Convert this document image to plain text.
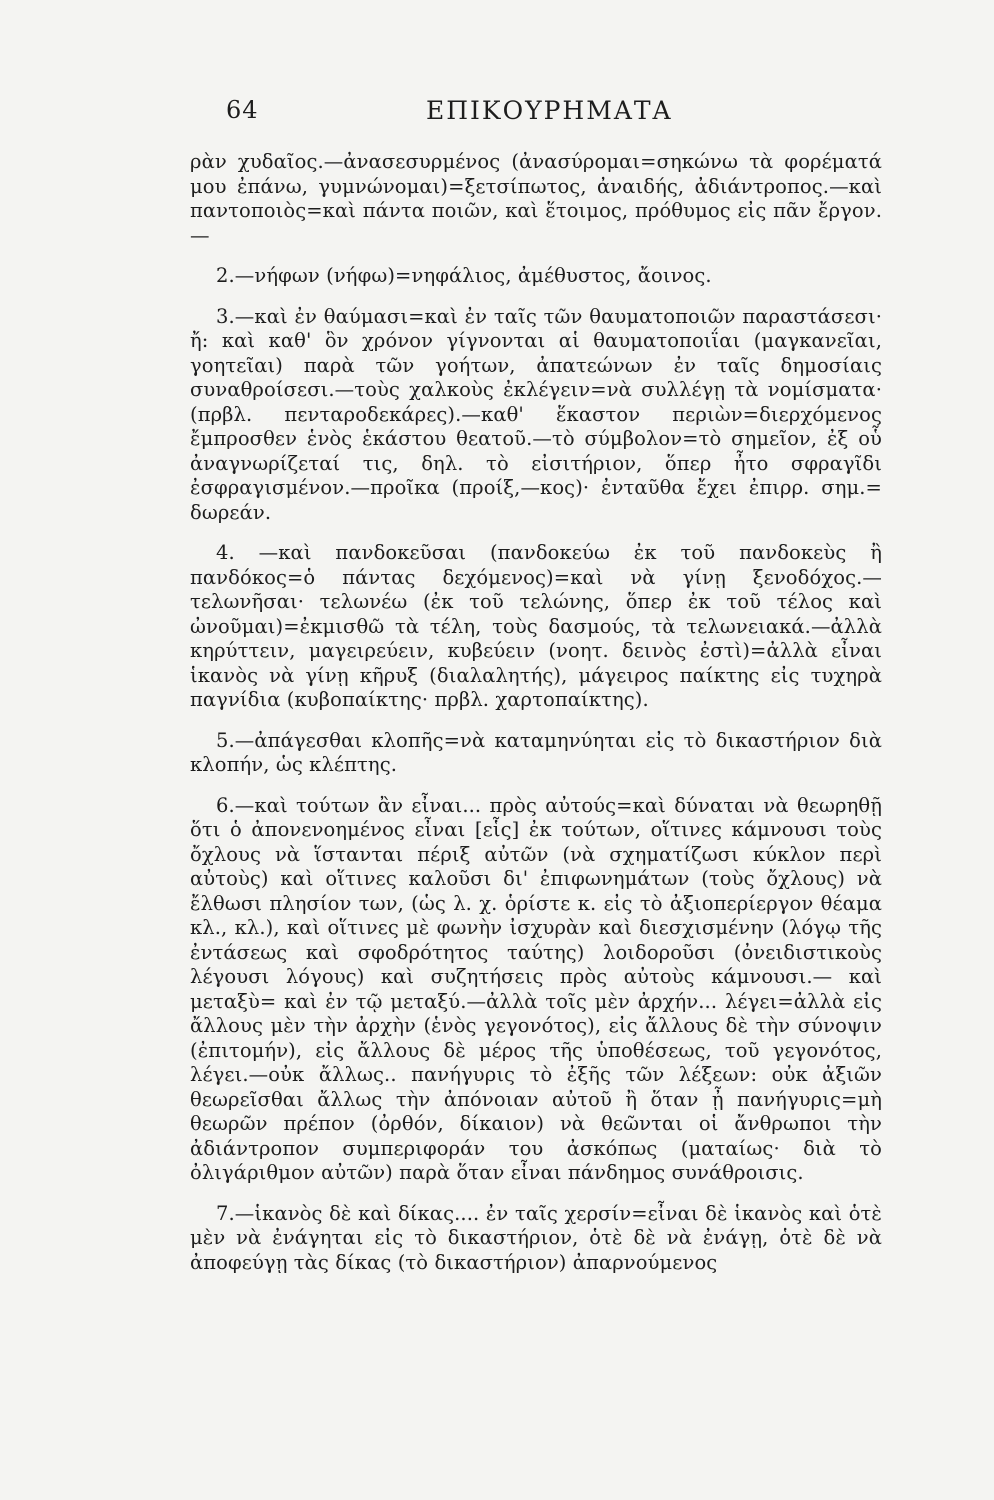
64	ΕΠΙΚΟΥΡΗΜΑΤΑ

ρὰν χυδαῖος.—ἀνασεσυρμένος (ἀνασύρομαι=σηκώνω τὰ φορέματά μου ἐπάνω, γυμνώνομαι)=ξετσίπωτος, ἀναιδής, ἀδιάντροπος.—καὶ παντοποιὸς=καὶ πάντα ποιῶν, καὶ ἕτοιμος, πρόθυμος εἰς πᾶν ἔργον.—

2.—νήφων (νήφω)=νηφάλιος, ἀμέθυστος, ἄοινος.

3.—καὶ ἐν θαύμασι=καὶ ἐν ταῖς τῶν θαυματοποιῶν παραστάσεσι· ἤ: καὶ καθ' ὃν χρόνον γίγνονται αἱ θαυματοποιΐαι (μαγκανεῖαι, γοητεῖαι) παρὰ τῶν γοήτων, ἀπατεώνων ἐν ταῖς δημοσίαις συναθροίσεσι.—τοὺς χαλκοὺς ἐκλέγειν=νὰ συλλέγῃ τὰ νομίσματα· (πρβλ. πενταροδεκάρες).—καθ' ἕκαστον περιὼν=διερχόμενος ἔμπροσθεν ἑνὸς ἑκάστου θεατοῦ.—τὸ σύμβολον=τὸ σημεῖον, ἐξ οὗ ἀναγνωρίζεταί τις, δηλ. τὸ εἰσιτήριον, ὅπερ ἦτο σφραγῖδι ἐσφραγισμένον.—προῖκα (προίξ,—κος)· ἐνταῦθα ἔχει ἐπιρρ. σημ.= δωρεάν.

4. —καὶ πανδοκεῦσαι (πανδοκεύω ἐκ τοῦ πανδοκεὺς ἢ πανδόκος=ὁ πάντας δεχόμενος)=καὶ νὰ γίνῃ ξενοδόχος.—τελωνῆσαι· τελωνέω (ἐκ τοῦ τελώνης, ὅπερ ἐκ τοῦ τέλος καὶ ὠνοῦμαι)=ἐκμισθῶ τὰ τέλη, τοὺς δασμούς, τὰ τελωνειακά.—ἀλλὰ κηρύττειν, μαγειρεύειν, κυβεύειν (νοητ. δεινὸς ἐστὶ)=ἀλλὰ εἶναι ἱκανὸς νὰ γίνῃ κῆρυξ (διαλαλητής), μάγειρος παίκτης εἰς τυχηρὰ παγνίδια (κυβοπαίκτης· πρβλ. χαρτοπαίκτης).

5.—ἀπάγεσθαι κλοπῆς=νὰ καταμηνύηται εἰς τὸ δικαστήριον διὰ κλοπήν, ὡς κλέπτης.

6.—καὶ τούτων ἂν εἶναι... πρὸς αὐτούς=καὶ δύναται νὰ θεωρηθῇ ὅτι ὁ ἀπονενοημένος εἶναι [εἷς] ἐκ τούτων, οἵτινες κάμνουσι τοὺς ὄχλους νὰ ἵστανται πέριξ αὐτῶν (νὰ σχηματίζωσι κύκλον περὶ αὐτοὺς) καὶ οἵτινες καλοῦσι δι' ἐπιφωνημάτων (τοὺς ὄχλους) νὰ ἔλθωσι πλησίον των, (ὡς λ. χ. ὁρίστε κ. εἰς τὸ ἀξιοπερίεργον θέαμα κλ., κλ.), καὶ οἵτινες μὲ φωνὴν ἰσχυρὰν καὶ διεσχισμένην (λόγῳ τῆς ἐντάσεως καὶ σφοδρότητος ταύτης) λοιδοροῦσι (ὀνειδιστικοὺς λέγουσι λόγους) καὶ συζητήσεις πρὸς αὐτοὺς κάμνουσι.— καὶ μεταξὺ= καὶ ἐν τῷ μεταξύ.—ἀλλὰ τοῖς μὲν ἀρχήν... λέγει=ἀλλὰ εἰς ἄλλους μὲν τὴν ἀρχὴν (ἑνὸς γεγονότος), εἰς ἄλλους δὲ τὴν σύνοψιν (ἐπιτομήν), εἰς ἄλλους δὲ μέρος τῆς ὑποθέσεως, τοῦ γεγονότος, λέγει.—οὐκ ἄλλως.. πανήγυρις τὸ ἐξῆς τῶν λέξεων: οὐκ ἀξιῶν θεωρεῖσθαι ἄλλως τὴν ἀπόνοιαν αὐτοῦ ἢ ὅταν ᾖ πανήγυρις=μὴ θεωρῶν πρέπον (ὀρθόν, δίκαιον) νὰ θεῶνται οἱ ἄνθρωποι τὴν ἀδιάντροπον συμπεριφοράν του ἀσκόπως (ματαίως· διὰ τὸ ὀλιγάριθμον αὐτῶν) παρὰ ὅταν εἶναι πάνδημος συνάθροισις.

7.—ἱκανὸς δὲ καὶ δίκας.... ἐν ταῖς χερσίν=εἶναι δὲ ἱκανὸς καὶ ὁτὲ μὲν νὰ ἐνάγηται εἰς τὸ δικαστήριον, ὁτὲ δὲ νὰ ἐνάγῃ, ὁτὲ δὲ νὰ ἀποφεύγῃ τὰς δίκας (τὸ δικαστήριον) ἀπαρνούμενος
